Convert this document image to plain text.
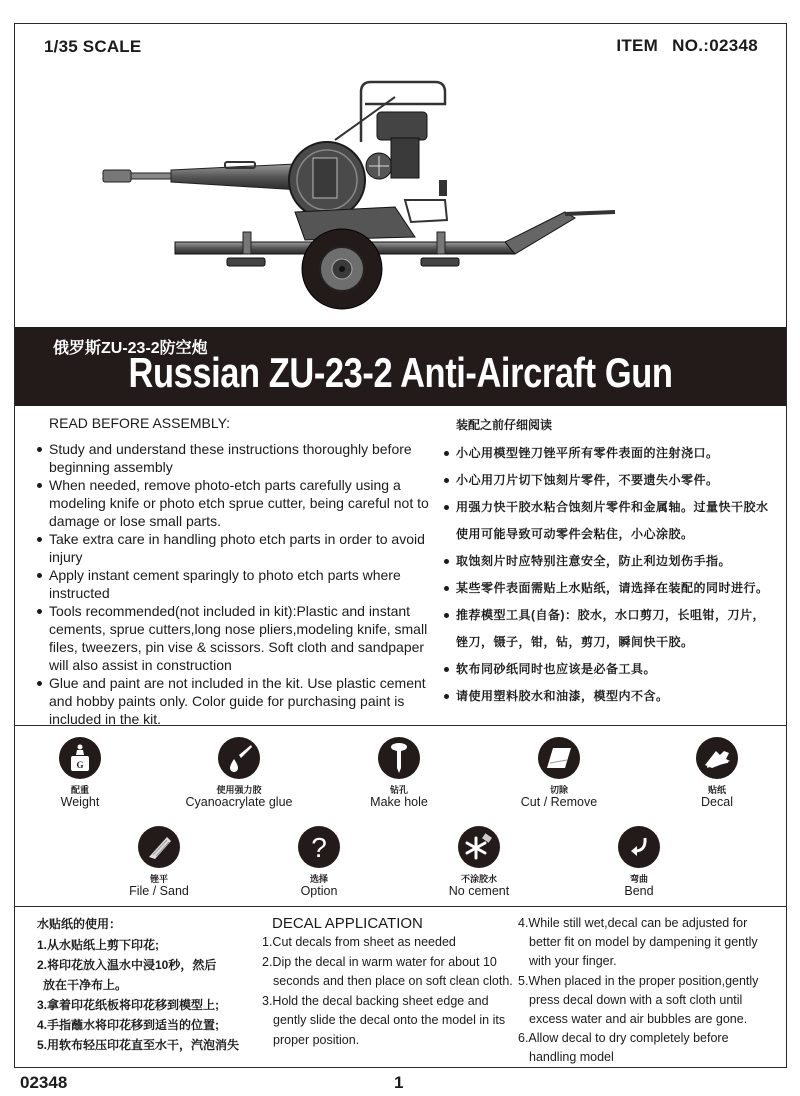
1/35 SCALE	ITEM NO.:02348
俄罗斯ZU-23-2防空炮
Russian ZU-23-2 Anti-Aircraft Gun
READ BEFORE ASSEMBLY:
Study and understand these instructions thoroughly before beginning assembly
When needed, remove photo-etch parts carefully using a modeling knife or photo etch sprue cutter, being careful not to damage or lose small parts.
Take extra care in handling photo etch parts in order to avoid injury
Apply instant cement sparingly to photo etch parts where instructed
Tools recommended(not included in kit):Plastic and instant cements, sprue cutters,long nose pliers,modeling knife, small files, tweezers, pin vise & scissors. Soft cloth and sandpaper will also assist in construction
Glue and paint are not included in the kit. Use plastic cement and hobby paints only. Color guide for purchasing paint is included in the kit.
装配之前仔细阅读
小心用模型锉刀锉平所有零件表面的注射浇口。
小心用刀片切下蚀刻片零件，不要遗失小零件。
用强力快干胶水粘合蚀刻片零件和金属轴。过量快干胶水
使用可能导致可动零件会粘住，小心涂胶。
取蚀刻片时应特别注意安全，防止利边划伤手指。
某些零件表面需贴上水贴纸，请选择在装配的同时进行。
推荐模型工具(自备)：胶水，水口剪刀，长咀钳，刀片，
锉刀，镊子，钳，钻，剪刀，瞬间快干胶。
软布同砂纸同时也应该是必备工具。
请使用塑料胶水和油漆，模型内不含。
G
配重
Weight
使用强力胶
Cyanoacrylate glue
钻孔
Make hole
切除
Cut / Remove
贴纸
Decal
锉平
File / Sand
?
选择
Option
不涂胶水
No cement
弯曲
Bend
水贴纸的使用：
1.从水贴纸上剪下印花;
2.将印花放入温水中浸10秒，然后
放在干净布上。
3.拿着印花纸板将印花移到模型上;
4.手指蘸水将印花移到适当的位置;
5.用软布轻压印花直至水干，汽泡消失
DECAL APPLICATION
1.Cut decals from sheet as needed
2.Dip the decal in warm water for about 10
seconds and then place on soft clean cloth.
3.Hold the decal backing sheet edge and
gently slide the decal onto the model in its
proper position.
4.While still wet,decal can be adjusted for
better fit on model by dampening it gently
with your finger.
5.When placed in the proper position,gently
press decal down with a soft cloth until
excess water and air bubbles are gone.
6.Allow decal to dry completely before
handling model
02348	1
